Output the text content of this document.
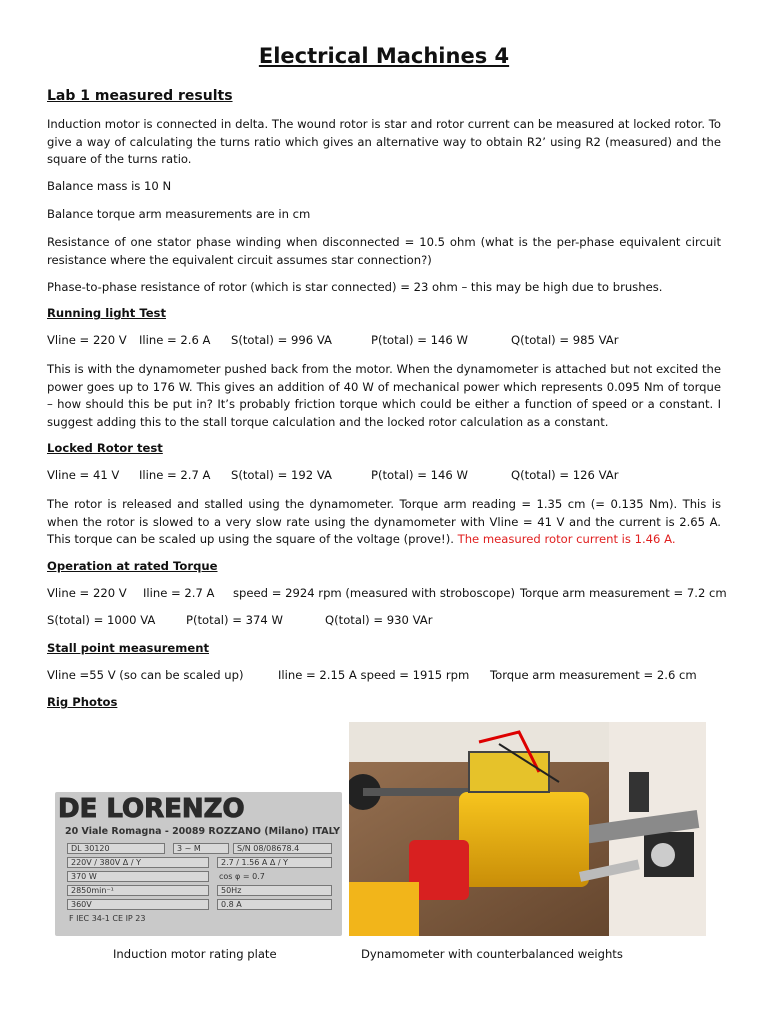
Electrical Machines 4
Lab 1 measured results
Induction motor is connected in delta. The wound rotor is star and rotor current can be measured at locked rotor. To give a way of calculating the turns ratio which gives an alternative way to obtain R2’ using R2 (measured) and the square of the turns ratio.
Balance mass is 10 N
Balance torque arm measurements are in cm
Resistance of one stator phase winding when disconnected = 10.5 ohm (what is the per-phase equivalent circuit resistance where the equivalent circuit assumes star connection?)
Phase-to-phase resistance of rotor (which is star connected) = 23 ohm – this may be high due to brushes.
Running light Test
Vline = 220 V Iline = 2.6 A S(total) = 996 VA	P(total) = 146 W	Q(total) = 985 VAr
This is with the dynamometer pushed back from the motor. When the dynamometer is attached but not excited the power goes up to 176 W. This gives an addition of 40 W of mechanical power which represents 0.095 Nm of torque – how should this be put in? It’s probably friction torque which could be either a function of speed or a constant. I suggest adding this to the stall torque calculation and the locked rotor calculation as a constant.
Locked Rotor test
Vline = 41 V Iline = 2.7 A S(total) = 192 VA	P(total) = 146 W	Q(total) = 126 VAr
The rotor is released and stalled using the dynamometer. Torque arm reading = 1.35 cm (= 0.135 Nm). This is when the rotor is slowed to a very slow rate using the dynamometer with Vline = 41 V and the current is 2.65 A. This torque can be scaled up using the square of the voltage (prove!). The measured rotor current is 1.46 A.
Operation at rated Torque
Vline = 220 V Iline = 2.7 A speed = 2924 rpm (measured with stroboscope) Torque arm measurement = 7.2 cm
S(total) = 1000 VA	P(total) = 374 W	Q(total) = 930 VAr
Stall point measurement
Vline =55 V (so can be scaled up)	Iline = 2.15 A speed = 1915 rpm Torque arm measurement = 2.6 cm
Rig Photos
DE LORENZO
20 Viale Romagna - 20089 ROZZANO (Milano) ITALY
DL 30120	3 ~ M	S/N 08/08678.4
220V / 380V Δ / Y	2.7 / 1.56 A Δ / Y
370 W	cos φ = 0.7
2850min⁻¹	50Hz
360V	0.8 A
F IEC 34-1 CE IP 23
Induction motor rating plate	Dynamometer with counterbalanced weights
